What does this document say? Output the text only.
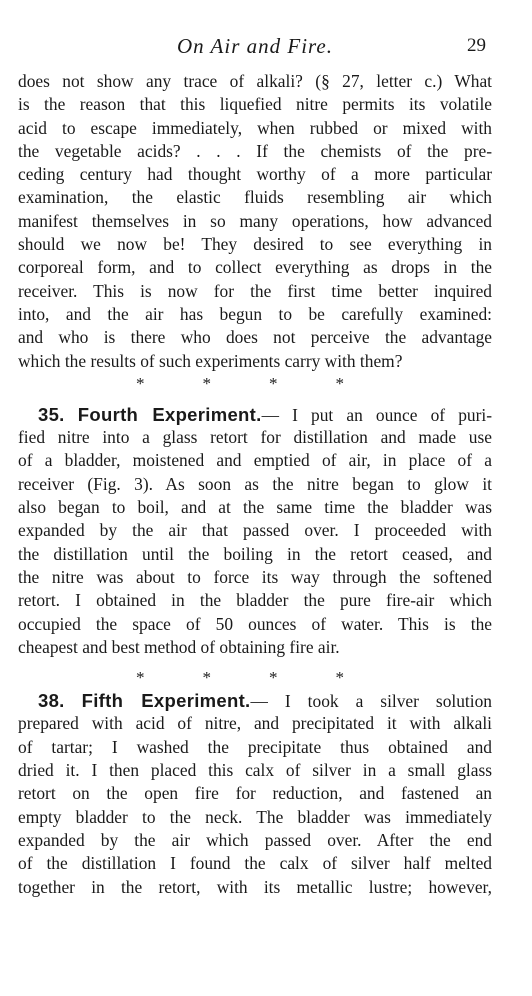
On Air and Fire.	29
does not show any trace of alkali? (§ 27, letter c.) What
is the reason that this liquefied nitre permits its volatile
acid to escape immediately, when rubbed or mixed with
the vegetable acids? . . . If the chemists of the pre-
ceding century had thought worthy of a more particular
examination, the elastic fluids resembling air which
manifest themselves in so many operations, how advanced
should we now be! They desired to see everything in
corporeal form, and to collect everything as drops in the
receiver. This is now for the first time better inquired
into, and the air has begun to be carefully examined:
and who is there who does not perceive the advantage
which the results of such experiments carry with them?
*	*	*	*
35. Fourth Experiment.— I put an ounce of puri-
fied nitre into a glass retort for distillation and made use
of a bladder, moistened and emptied of air, in place of a
receiver (Fig. 3). As soon as the nitre began to glow it
also began to boil, and at the same time the bladder was
expanded by the air that passed over. I proceeded with
the distillation until the boiling in the retort ceased, and
the nitre was about to force its way through the softened
retort. I obtained in the bladder the pure fire-air which
occupied the space of 50 ounces of water. This is the
cheapest and best method of obtaining fire air.
*	*	*	*
38. Fifth Experiment.— I took a silver solution
prepared with acid of nitre, and precipitated it with alkali
of tartar; I washed the precipitate thus obtained and
dried it. I then placed this calx of silver in a small glass
retort on the open fire for reduction, and fastened an
empty bladder to the neck. The bladder was immediately
expanded by the air which passed over. After the end
of the distillation I found the calx of silver half melted
together in the retort, with its metallic lustre; however,
